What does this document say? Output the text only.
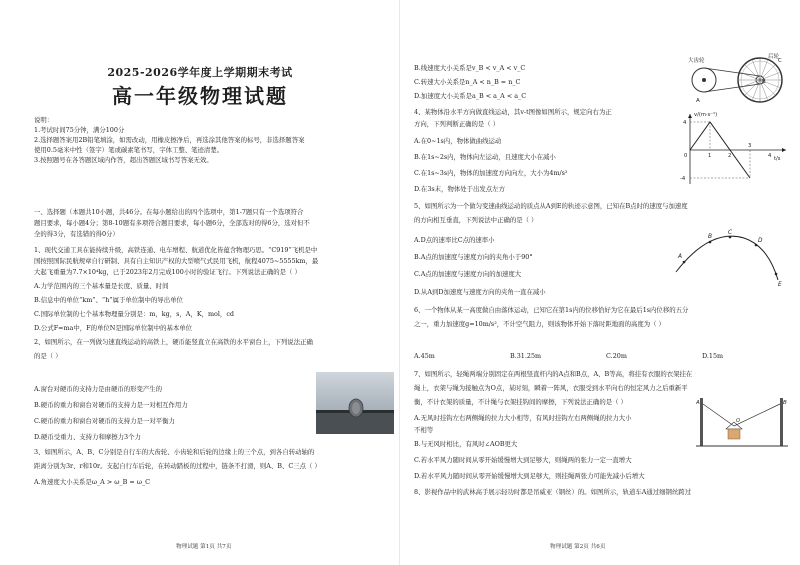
2025-2026学年度上学期期末考试
高一年级物理试题
说明：
1.考试时间75分钟，满分100分
2.选择题答案用2B铅笔填涂，如需改动，用橡皮擦净后，再选涂其他答案的标号，非选择题答案
使用0.5毫米中性（签字）笔或碳素笔书写，字体工整、笔迹清楚。
3.按照题号在各答题区域内作答，超出答题区域书写答案无效。
一、选择题（本题共10小题，共46分。在每小题给出的四个选项中，第1-7题只有一个选项符合
题目要求，每小题4分；第8-10题有多项符合题目要求，每小题6分，全部选对的得6分，选对但不
全的得3分，有选错的得0分）
1、现代交通工具在能持续升级，高铁连通、电车增程、航道优化皆蕴含物理巧思。“C919”飞机是中
国按照国际民航规章自行研制、具有自主知识产权的大型喷气式民用飞机，航程4075~5555km，最
大起飞重量为7.7×10⁴kg，已于2023年2月完成100小时的验证飞行。下列说法正确的是（ ）
A.力学范围内的三个基本量是长度、质量、时间
B.信息中的单位“km”、“h”属于单位制中的导出单位
C.国际单位制的七个基本物理量分别是：m，kg，s，A，K，mol，cd
D.公式F=ma中，F的单位N是国际单位制中的基本单位
2、如图所示，在一列做匀速直线运动的高铁上，硬币能竖直立在高铁的水平窗台上，下列说法正确
的是（ ）
A.窗台对硬币的支持力是由硬币的形变产生的
B.硬币的重力和窗台对硬币的支持力是一对相互作用力
C.硬币的重力和窗台对硬币的支持力是一对平衡力
D.硬币受重力、支持力和摩擦力3个力
3、如图所示，A、B、C分别是自行车的大齿轮、小齿轮和后轮的边缘上的三个点，到各自转动轴的
距离分别为3r、r和10r。支起自行车后轮，在转动踏板的过程中，链条不打滑，则A、B、C三点（ ）
A.角速度大小关系是ω_A > ω_B = ω_C
物理试题 第1页 共7页
B.线速度大小关系是v_B < v_A < v_C
C.转速大小关系是n_A < n_B = n_C
D.加速度大小关系是a_B < a_A < a_C
大齿轮
后轮
A
B
C
4、某物体沿水平方向做直线运动，其v-t图像如图所示，规定向右为正
方向，下列判断正确的是（ ）
A.在0~1s内，物体做曲线运动
B.在1s~2s内，物体向左运动，且速度大小在减小
C.在1s~3s内，物体的加速度方向向左，大小为4m/s²
D.在3s末，物体处于出发点左方
v/(m·s⁻¹)
t/s
0	1	2
3
4
4
-4
5、如图所示为一个做匀变速曲线运动的质点从A到E的轨迹示意图，已知在B点时的速度与加速度
的方向相互垂直，下列说法中正确的是（ ）
A.D点的速率比C点的速率小
B.A点的加速度与速度方向的夹角小于90°
C.A点的加速度与速度方向的加速度大
D.从A到D加速度与速度方向的夹角一直在减小
A
B
C
D
E
6、一个物体从某一高度做自由落体运动，已知它在第1s内的位移恰好为它在最后1s内位移的五分
之一，重力加速度g=10m/s²，不计空气阻力，则该物体开始下落时距地面的高度为（ ）
A.45m	B.31.25m	C.20m	D.15m
7、如图所示，轻绳两端分别固定在两根竖直杆内的A点和B点，A、B等高，将挂有衣服的衣架挂在
绳上，衣架与绳为接触点为O点，某时刻，瞬着一阵风，衣服受到水平向右的恒定风力之后重新平
衡，不计衣架的质量，不计绳与衣架挂钩间的摩擦，下列说法正确的是（ ）
A.无风时挂钩左右两侧绳的拉力大小相等，有风时挂钩左右两侧绳的拉力大小
不相等
B.与无风时相比，有风时∠AOB更大
C.若水平风力随时间从零开始缓慢增大到足够大，则绳两的张力一定一直增大
D.若水平风力随时间从零开始缓慢增大到足够大，则挂绳两张力可能先减小后增大
A	B
O
8、影视作品中的武林高手展示轻功时都是吊威亚（钢丝）的。如图所示，轨道车A通过细钢丝跨过
物理试题 第2页 共6页
